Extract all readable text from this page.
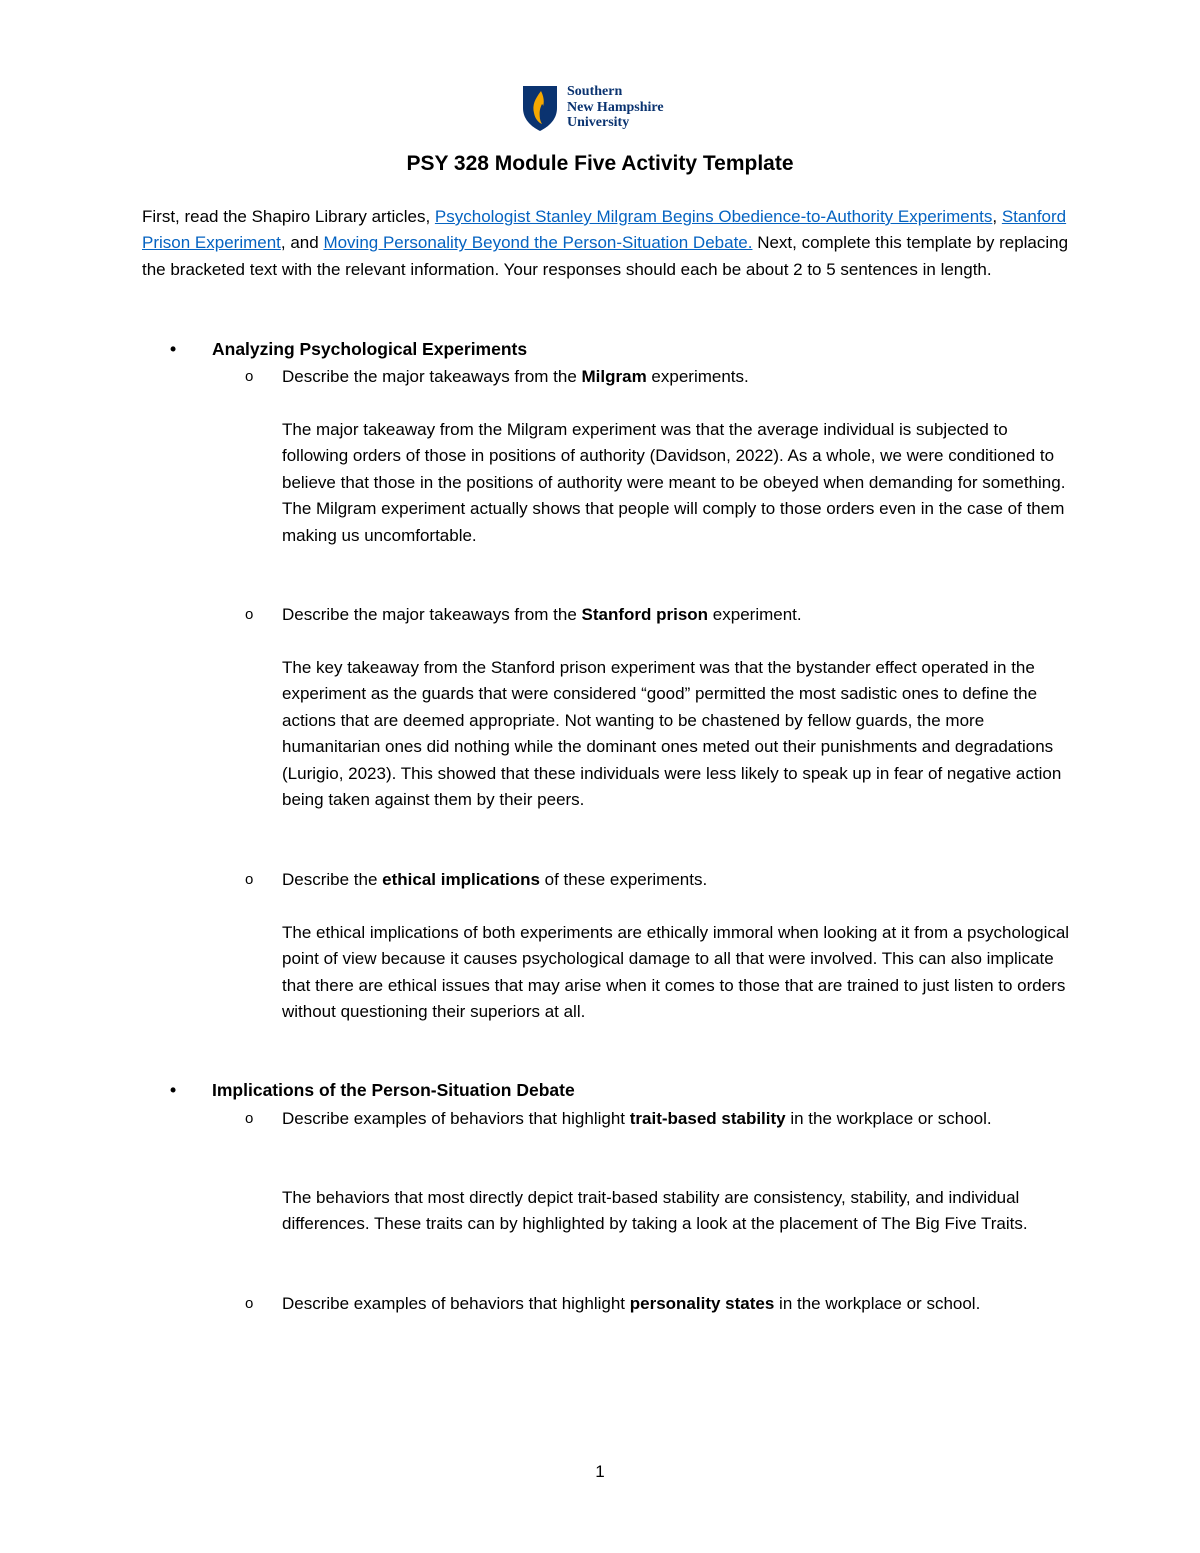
Southern
New Hampshire
University
PSY 328 Module Five Activity Template

First, read the Shapiro Library articles, Psychologist Stanley Milgram Begins Obedience-to-Authority Experiments, Stanford Prison Experiment, and Moving Personality Beyond the Person-Situation Debate. Next, complete this template by replacing the bracketed text with the relevant information. Your responses should each be about 2 to 5 sentences in length.

• Analyzing Psychological Experiments

o Describe the major takeaways from the Milgram experiments.

The major takeaway from the Milgram experiment was that the average individual is subjected to following orders of those in positions of authority (Davidson, 2022). As a whole, we were conditioned to believe that those in the positions of authority were meant to be obeyed when demanding for something. The Milgram experiment actually shows that people will comply to those orders even in the case of them making us uncomfortable.

o Describe the major takeaways from the Stanford prison experiment.

The key takeaway from the Stanford prison experiment was that the bystander effect operated in the experiment as the guards that were considered “good” permitted the most sadistic ones to define the actions that are deemed appropriate. Not wanting to be chastened by fellow guards, the more humanitarian ones did nothing while the dominant ones meted out their punishments and degradations (Lurigio, 2023). This showed that these individuals were less likely to speak up in fear of negative action being taken against them by their peers.

o Describe the ethical implications of these experiments.

The ethical implications of both experiments are ethically immoral when looking at it from a psychological point of view because it causes psychological damage to all that were involved. This can also implicate that there are ethical issues that may arise when it comes to those that are trained to just listen to orders without questioning their superiors at all.

• Implications of the Person-Situation Debate

o Describe examples of behaviors that highlight trait-based stability in the workplace or school.

The behaviors that most directly depict trait-based stability are consistency, stability, and individual differences. These traits can by highlighted by taking a look at the placement of The Big Five Traits.

o Describe examples of behaviors that highlight personality states in the workplace or school.
1
